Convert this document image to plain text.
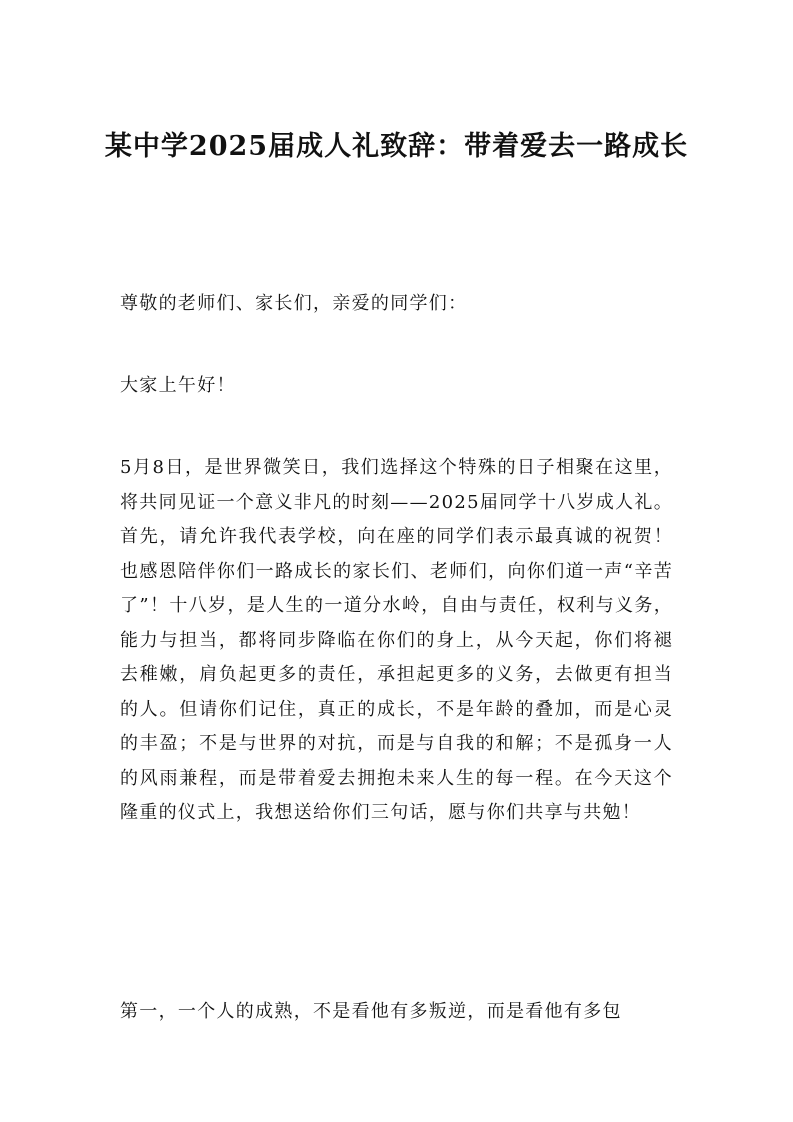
某中学2025届成人礼致辞：带着爱去一路成长

尊敬的老师们、家长们，亲爱的同学们：

大家上午好！

5月8日，是世界微笑日，我们选择这个特殊的日子相聚在这里，将共同见证一个意义非凡的时刻——2025届同学十八岁成人礼。首先，请允许我代表学校，向在座的同学们表示最真诚的祝贺！也感恩陪伴你们一路成长的家长们、老师们，向你们道一声“辛苦了”！十八岁，是人生的一道分水岭，自由与责任，权利与义务，能力与担当，都将同步降临在你们的身上，从今天起，你们将褪去稚嫩，肩负起更多的责任，承担起更多的义务，去做更有担当的人。但请你们记住，真正的成长，不是年龄的叠加，而是心灵的丰盈；不是与世界的对抗，而是与自我的和解；不是孤身一人的风雨兼程，而是带着爱去拥抱未来人生的每一程。在今天这个隆重的仪式上，我想送给你们三句话，愿与你们共享与共勉！

第一，一个人的成熟，不是看他有多叛逆，而是看他有多包
